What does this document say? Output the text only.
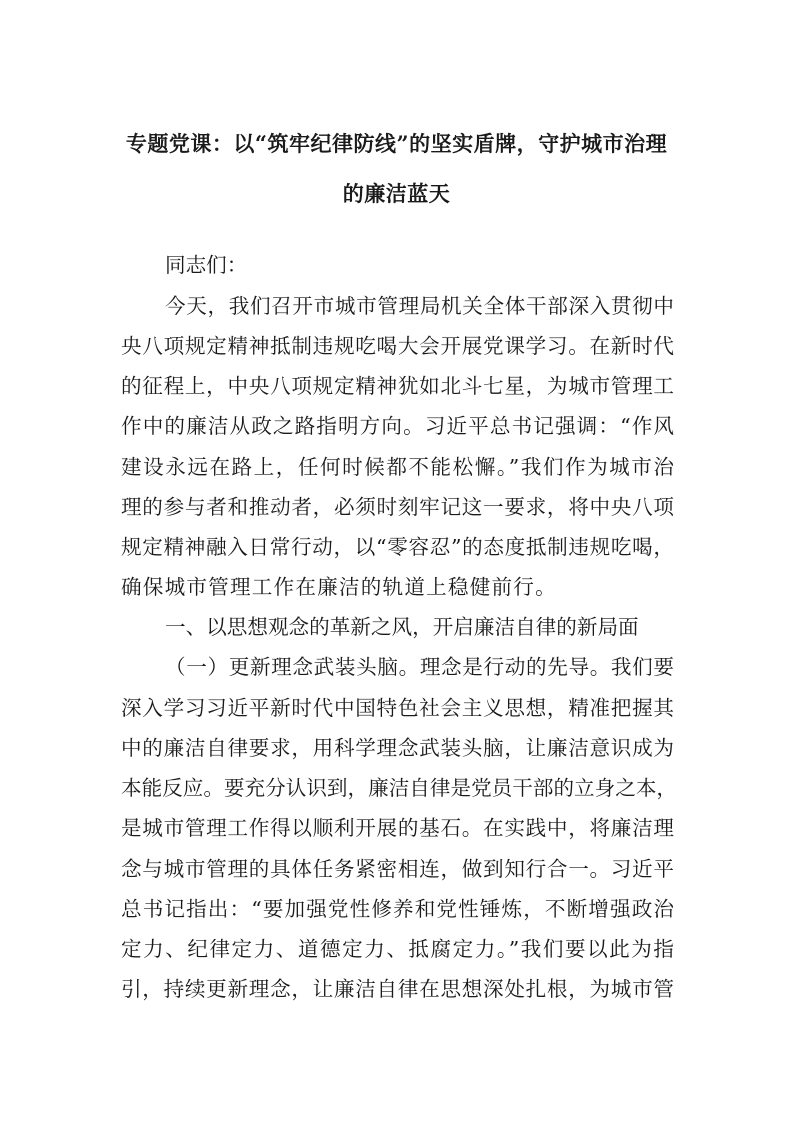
专题党课：以“筑牢纪律防线”的坚实盾牌，守护城市治理
的廉洁蓝天
同志们：
今天，我们召开市城市管理局机关全体干部深入贯彻中
央八项规定精神抵制违规吃喝大会开展党课学习。在新时代
的征程上，中央八项规定精神犹如北斗七星，为城市管理工
作中的廉洁从政之路指明方向。习近平总书记强调：“作风
建设永远在路上，任何时候都不能松懈。”我们作为城市治
理的参与者和推动者，必须时刻牢记这一要求，将中央八项
规定精神融入日常行动，以“零容忍”的态度抵制违规吃喝，
确保城市管理工作在廉洁的轨道上稳健前行。
一、以思想观念的革新之风，开启廉洁自律的新局面
（一）更新理念武装头脑。理念是行动的先导。我们要
深入学习习近平新时代中国特色社会主义思想，精准把握其
中的廉洁自律要求，用科学理念武装头脑，让廉洁意识成为
本能反应。要充分认识到，廉洁自律是党员干部的立身之本，
是城市管理工作得以顺利开展的基石。在实践中，将廉洁理
念与城市管理的具体任务紧密相连，做到知行合一。习近平
总书记指出：“要加强党性修养和党性锤炼，不断增强政治
定力、纪律定力、道德定力、抵腐定力。”我们要以此为指
引，持续更新理念，让廉洁自律在思想深处扎根，为城市管
